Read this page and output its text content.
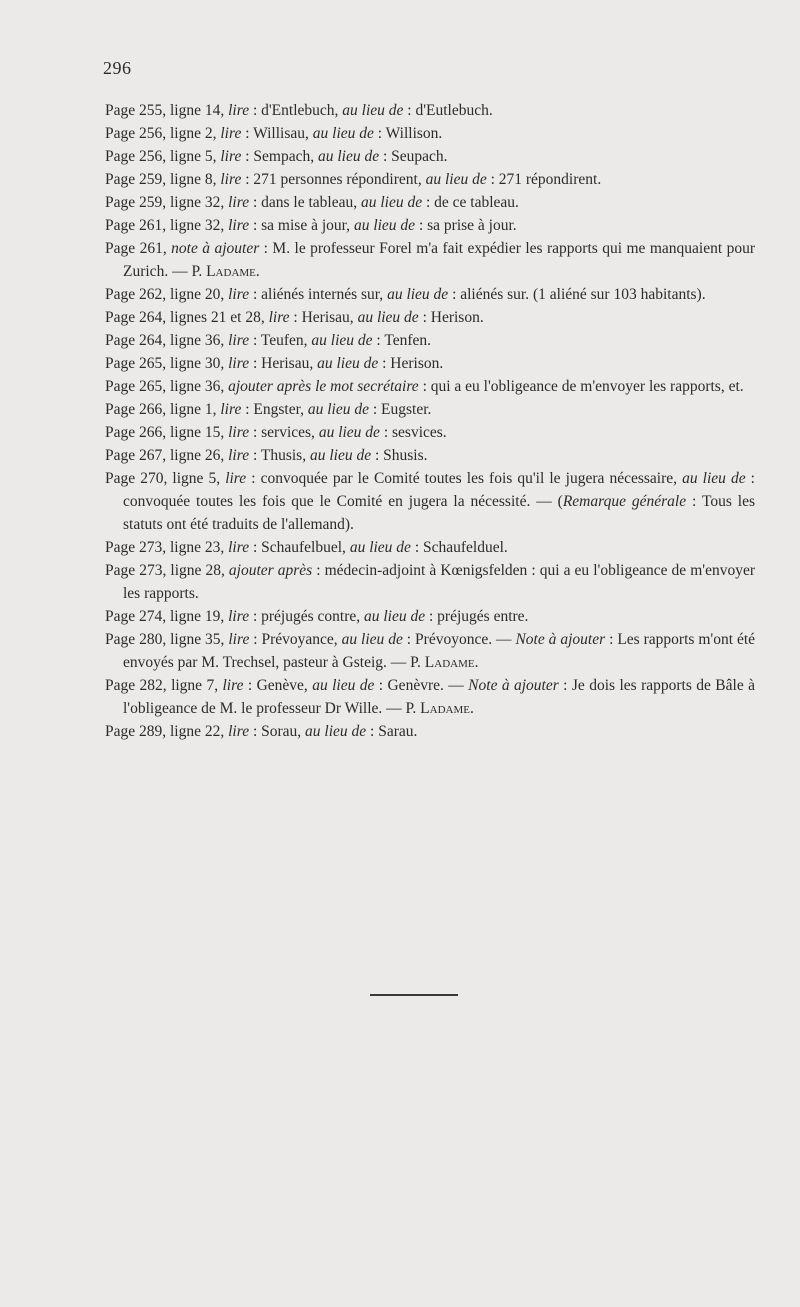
296
Page 255, ligne 14, lire : d'Entlebuch, au lieu de : d'Eutlebuch.
Page 256, ligne 2, lire : Willisau, au lieu de : Willison.
Page 256, ligne 5, lire : Sempach, au lieu de : Seupach.
Page 259, ligne 8, lire : 271 personnes répondirent, au lieu de : 271 répondirent.
Page 259, ligne 32, lire : dans le tableau, au lieu de : de ce tableau.
Page 261, ligne 32, lire : sa mise à jour, au lieu de : sa prise à jour.
Page 261, note à ajouter : M. le professeur Forel m'a fait expédier les rapports qui me manquaient pour Zurich. — P. Ladame.
Page 262, ligne 20, lire : aliénés internés sur, au lieu de : aliénés sur. (1 aliéné sur 103 habitants).
Page 264, lignes 21 et 28, lire : Herisau, au lieu de : Herison.
Page 264, ligne 36, lire : Teufen, au lieu de : Tenfen.
Page 265, ligne 30, lire : Herisau, au lieu de : Herison.
Page 265, ligne 36, ajouter après le mot secrétaire : qui a eu l'obligeance de m'envoyer les rapports, et.
Page 266, ligne 1, lire : Engster, au lieu de : Eugster.
Page 266, ligne 15, lire : services, au lieu de : sesvices.
Page 267, ligne 26, lire : Thusis, au lieu de : Shusis.
Page 270, ligne 5, lire : convoquée par le Comité toutes les fois qu'il le jugera nécessaire, au lieu de : convoquée toutes les fois que le Comité en jugera la nécessité. — (Remarque générale : Tous les statuts ont été traduits de l'allemand).
Page 273, ligne 23, lire : Schaufelbuel, au lieu de : Schaufelduel.
Page 273, ligne 28, ajouter après : médecin-adjoint à Kœnigsfelden : qui a eu l'obligeance de m'envoyer les rapports.
Page 274, ligne 19, lire : préjugés contre, au lieu de : préjugés entre.
Page 280, ligne 35, lire : Prévoyance, au lieu de : Prévoyonce. — Note à ajouter : Les rapports m'ont été envoyés par M. Trechsel, pasteur à Gsteig. — P. Ladame.
Page 282, ligne 7, lire : Genève, au lieu de : Genèvre. — Note à ajouter : Je dois les rapports de Bâle à l'obligeance de M. le professeur Dr Wille. — P. Ladame.
Page 289, ligne 22, lire : Sorau, au lieu de : Sarau.
